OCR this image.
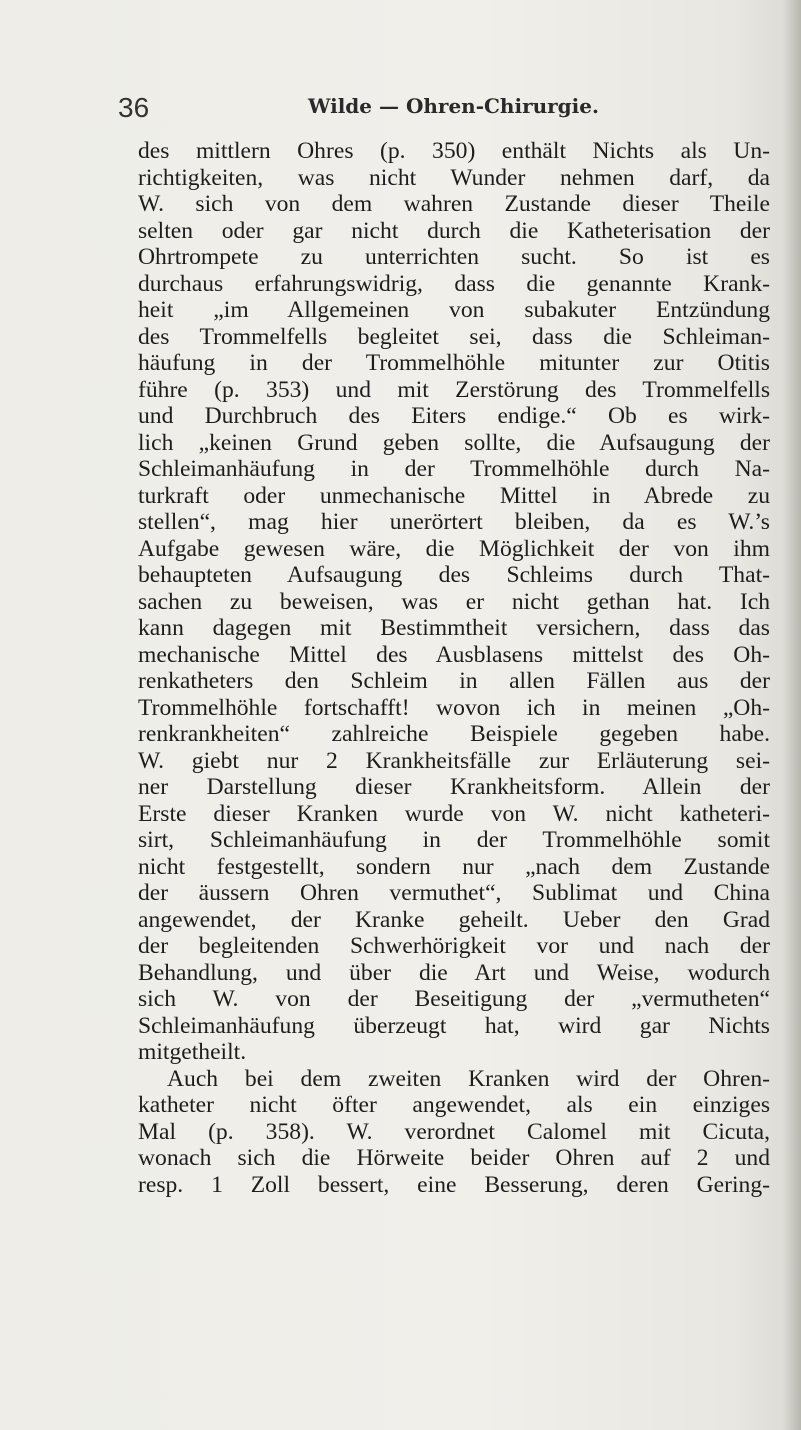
36	Wilde — Ohren-Chirurgie.
des mittlern Ohres (p. 350) enthält Nichts als Un-
richtigkeiten, was nicht Wunder nehmen darf, da
W. sich von dem wahren Zustande dieser Theile
selten oder gar nicht durch die Katheterisation der
Ohrtrompete zu unterrichten sucht. So ist es
durchaus erfahrungswidrig, dass die genannte Krank-
heit „im Allgemeinen von subakuter Entzündung
des Trommelfells begleitet sei, dass die Schleiman-
häufung in der Trommelhöhle mitunter zur Otitis
führe (p. 353) und mit Zerstörung des Trommelfells
und Durchbruch des Eiters endige.“ Ob es wirk-
lich „keinen Grund geben sollte, die Aufsaugung der
Schleimanhäufung in der Trommelhöhle durch Na-
turkraft oder unmechanische Mittel in Abrede zu
stellen“, mag hier unerörtert bleiben, da es W.’s
Aufgabe gewesen wäre, die Möglichkeit der von ihm
behaupteten Aufsaugung des Schleims durch That-
sachen zu beweisen, was er nicht gethan hat. Ich
kann dagegen mit Bestimmtheit versichern, dass das
mechanische Mittel des Ausblasens mittelst des Oh-
renkatheters den Schleim in allen Fällen aus der
Trommelhöhle fortschafft! wovon ich in meinen „Oh-
renkrankheiten“ zahlreiche Beispiele gegeben habe.
W. giebt nur 2 Krankheitsfälle zur Erläuterung sei-
ner Darstellung dieser Krankheitsform. Allein der
Erste dieser Kranken wurde von W. nicht katheteri-
sirt, Schleimanhäufung in der Trommelhöhle somit
nicht festgestellt, sondern nur „nach dem Zustande
der äussern Ohren vermuthet“, Sublimat und China
angewendet, der Kranke geheilt. Ueber den Grad
der begleitenden Schwerhörigkeit vor und nach der
Behandlung, und über die Art und Weise, wodurch
sich W. von der Beseitigung der „vermutheten“
Schleimanhäufung überzeugt hat, wird gar Nichts
mitgetheilt.
Auch bei dem zweiten Kranken wird der Ohren-
katheter nicht öfter angewendet, als ein einziges
Mal (p. 358). W. verordnet Calomel mit Cicuta,
wonach sich die Hörweite beider Ohren auf 2 und
resp. 1 Zoll bessert, eine Besserung, deren Gering-
